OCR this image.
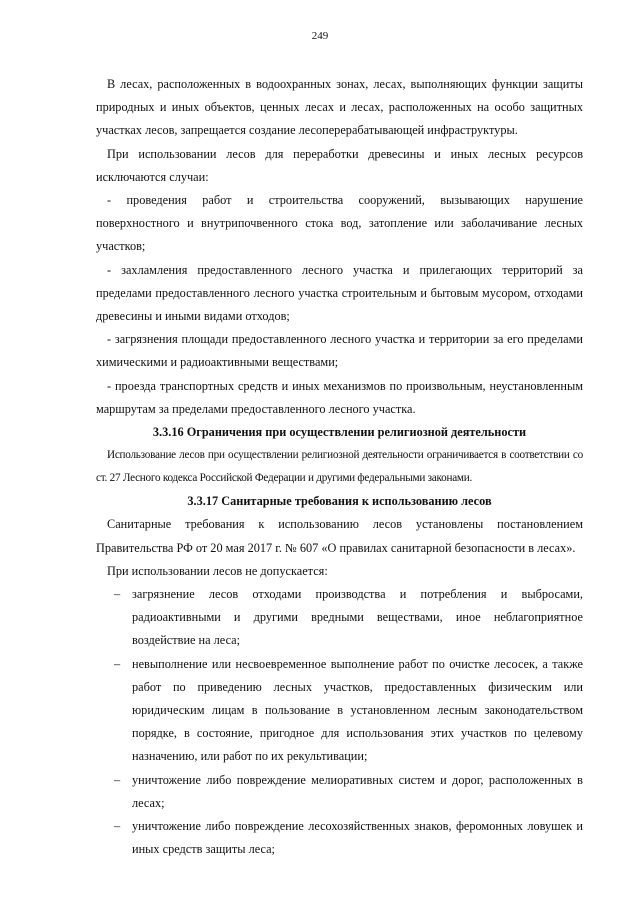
249

В лесах, расположенных в водоохранных зонах, лесах, выполняющих функции защиты природных и иных объектов, ценных лесах и лесах, расположенных на особо защитных участках лесов, запрещается создание лесоперерабатывающей инфраструктуры.

При использовании лесов для переработки древесины и иных лесных ресурсов исключаются случаи:

- проведения работ и строительства сооружений, вызывающих нарушение поверхностного и внутрипочвенного стока вод, затопление или заболачивание лесных участков;

- захламления предоставленного лесного участка и прилегающих территорий за пределами предоставленного лесного участка строительным и бытовым мусором, отходами древесины и иными видами отходов;

- загрязнения площади предоставленного лесного участка и территории за его пределами химическими и радиоактивными веществами;

- проезда транспортных средств и иных механизмов по произвольным, неустановленным маршрутам за пределами предоставленного лесного участка.

3.3.16 Ограничения при осуществлении религиозной деятельности

Использование лесов при осуществлении религиозной деятельности ограничивается в соответствии со ст. 27 Лесного кодекса Российской Федерации и другими федеральными законами.

3.3.17 Санитарные требования к использованию лесов

Санитарные требования к использованию лесов установлены постановлением Правительства РФ от 20 мая 2017 г. № 607 «О правилах санитарной безопасности в лесах».

При использовании лесов не допускается:

– загрязнение лесов отходами производства и потребления и выбросами, радиоактивными и другими вредными веществами, иное неблагоприятное воздействие на леса;
– невыполнение или несвоевременное выполнение работ по очистке лесосек, а также работ по приведению лесных участков, предоставленных физическим или юридическим лицам в пользование в установленном лесным законодательством порядке, в состояние, пригодное для использования этих участков по целевому назначению, или работ по их рекультивации;
– уничтожение либо повреждение мелиоративных систем и дорог, расположенных в лесах;
– уничтожение либо повреждение лесохозяйственных знаков, феромонных ловушек и иных средств защиты леса;
